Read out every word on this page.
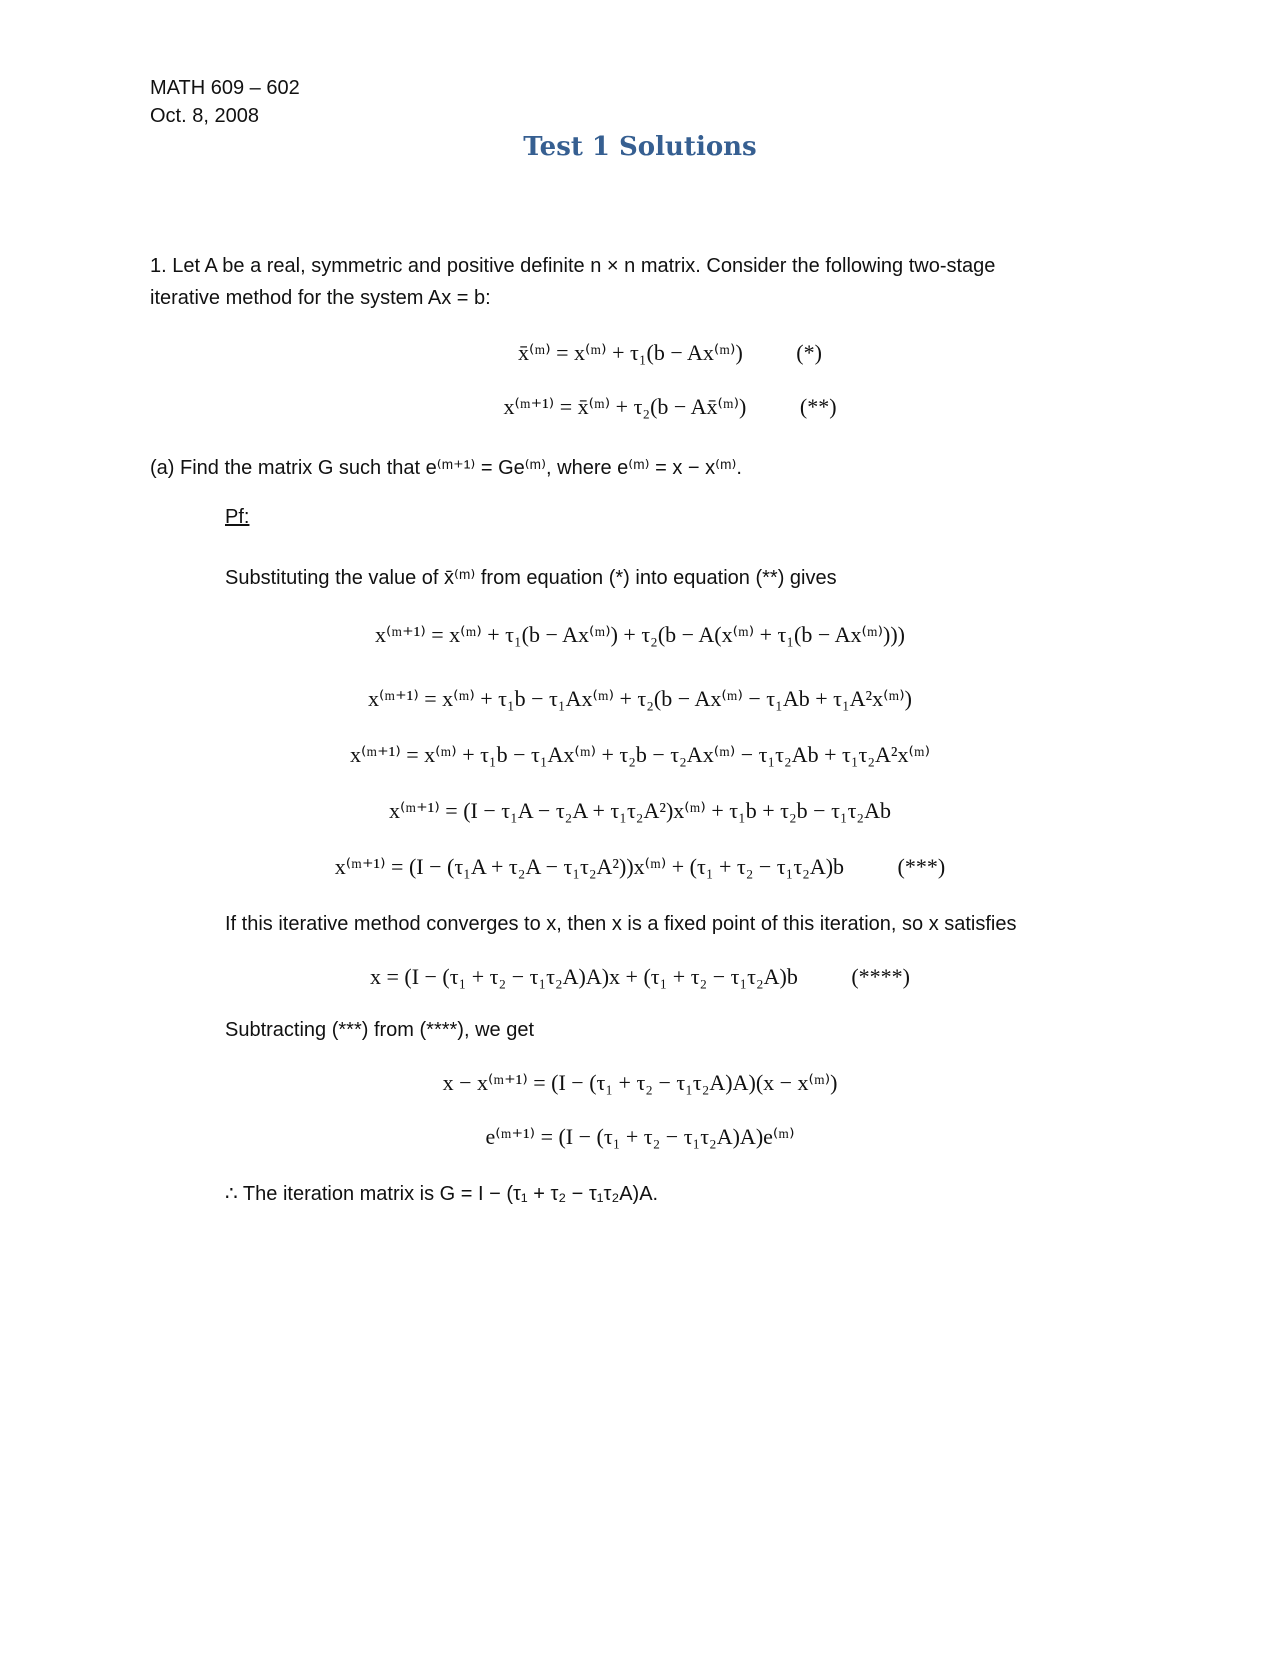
MATH 609 – 602
Oct. 8, 2008
Test 1 Solutions
1. Let A be a real, symmetric and positive definite n × n matrix. Consider the following two-stage
iterative method for the system Ax = b:
x̄⁽ᵐ⁾ = x⁽ᵐ⁾ + τ₁(b − Ax⁽ᵐ⁾) (*)
x⁽ᵐ⁺¹⁾ = x̄⁽ᵐ⁾ + τ₂(b − Ax̄⁽ᵐ⁾) (**)
(a) Find the matrix G such that e⁽ᵐ⁺¹⁾ = Ge⁽ᵐ⁾, where e⁽ᵐ⁾ = x − x⁽ᵐ⁾.
Pf:
Substituting the value of x̄⁽ᵐ⁾ from equation (*) into equation (**) gives
x⁽ᵐ⁺¹⁾ = x⁽ᵐ⁾ + τ₁(b − Ax⁽ᵐ⁾) + τ₂(b − A(x⁽ᵐ⁾ + τ₁(b − Ax⁽ᵐ⁾)))
x⁽ᵐ⁺¹⁾ = x⁽ᵐ⁾ + τ₁b − τ₁Ax⁽ᵐ⁾ + τ₂(b − Ax⁽ᵐ⁾ − τ₁Ab + τ₁A²x⁽ᵐ⁾)
x⁽ᵐ⁺¹⁾ = x⁽ᵐ⁾ + τ₁b − τ₁Ax⁽ᵐ⁾ + τ₂b − τ₂Ax⁽ᵐ⁾ − τ₁τ₂Ab + τ₁τ₂A²x⁽ᵐ⁾
x⁽ᵐ⁺¹⁾ = (I − τ₁A − τ₂A + τ₁τ₂A²)x⁽ᵐ⁾ + τ₁b + τ₂b − τ₁τ₂Ab
x⁽ᵐ⁺¹⁾ = (I − (τ₁A + τ₂A − τ₁τ₂A²))x⁽ᵐ⁾ + (τ₁ + τ₂ − τ₁τ₂A)b (***)
If this iterative method converges to x, then x is a fixed point of this iteration, so x satisfies
x = (I − (τ₁ + τ₂ − τ₁τ₂A)A)x + (τ₁ + τ₂ − τ₁τ₂A)b (****)
Subtracting (***) from (****), we get
x − x⁽ᵐ⁺¹⁾ = (I − (τ₁ + τ₂ − τ₁τ₂A)A)(x − x⁽ᵐ⁾)
e⁽ᵐ⁺¹⁾ = (I − (τ₁ + τ₂ − τ₁τ₂A)A)e⁽ᵐ⁾
∴ The iteration matrix is G = I − (τ₁ + τ₂ − τ₁τ₂A)A.
